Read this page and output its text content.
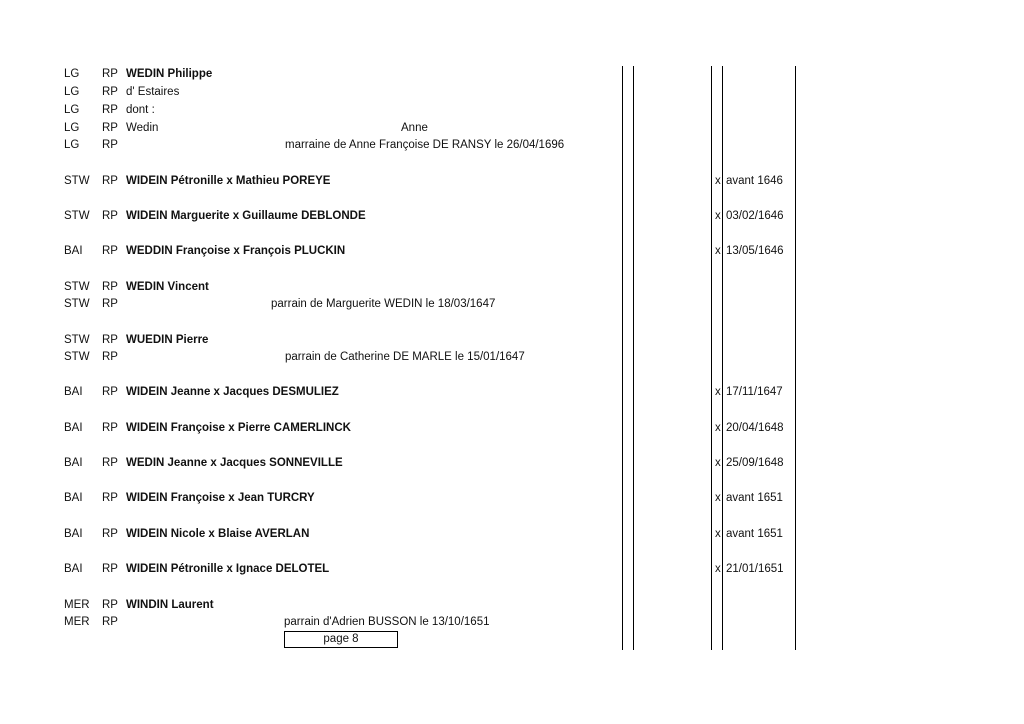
LG RP WEDIN Philippe
LG RP d' Estaires
LG RP dont :
LG RP Wedin	Anne
LG RP	marraine de Anne Françoise DE RANSY le 26/04/1696
STW RP WIDEIN Pétronille x Mathieu POREYE	x avant 1646
STW RP WIDEIN Marguerite x Guillaume DEBLONDE	x 03/02/1646
BAI RP WEDDIN Françoise x François PLUCKIN	x 13/05/1646
STW RP WEDIN Vincent
STW RP	parrain de Marguerite WEDIN le 18/03/1647
STW RP WUEDIN Pierre
STW RP	parrain de Catherine DE MARLE le 15/01/1647
BAI RP WIDEIN Jeanne x Jacques DESMULIEZ	x 17/11/1647
BAI RP WIDEIN Françoise x Pierre CAMERLINCK	x 20/04/1648
BAI RP WEDIN Jeanne x Jacques SONNEVILLE	x 25/09/1648
BAI RP WIDEIN Françoise x Jean TURCRY	x avant 1651
BAI RP WIDEIN Nicole x Blaise AVERLAN	x avant 1651
BAI RP WIDEIN Pétronille x Ignace DELOTEL	x 21/01/1651
MER RP WINDIN Laurent
MER RP	parrain d'Adrien BUSSON le 13/10/1651
page 8
